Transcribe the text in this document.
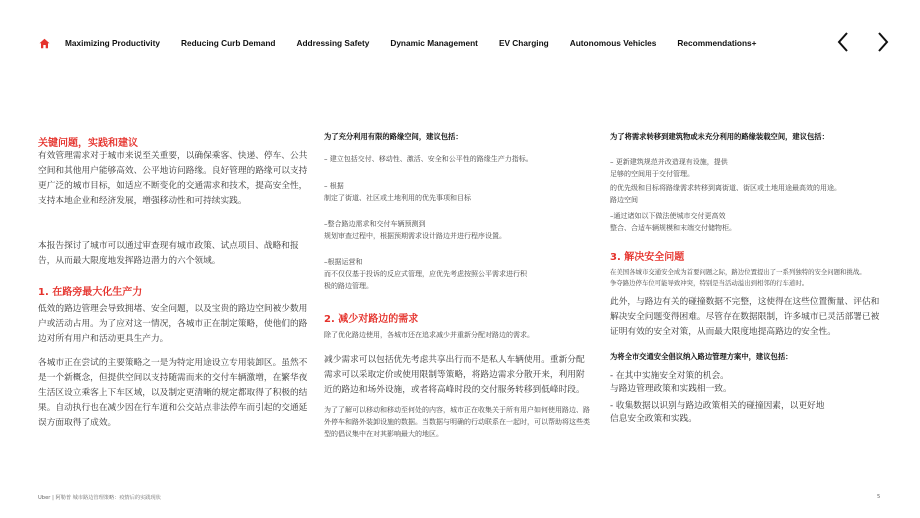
Maximizing Productivity	Reducing Curb Demand	Addressing Safety	Dynamic Management	EV Charging	Autonomous Vehicles	Recommendations+
关键问题，实践和建议

有效管理需求对于城市来说至关重要，以确保乘客、快递、停车、公共空间和其他用户能够高效、公平地访问路缘。良好管理的路缘可以支持更广泛的城市目标，如适应不断变化的交通需求和技术，提高安全性，支持本地企业和经济发展，增强移动性和可持续实践。

本报告探讨了城市可以通过审查现有城市政策、试点项目、战略和报告，从而最大限度地发挥路边潜力的六个领域。

1. 在路旁最大化生产力

低效的路边管理会导致拥堵、安全问题，以及宝贵的路边空间被少数用户或活动占用。为了应对这一情况，各城市正在制定策略，使他们的路边对所有用户和活动更具生产力。

各城市正在尝试的主要策略之一是为特定用途设立专用装卸区。虽然不是一个新概念，但提供空间以支持随需而来的交付车辆激增，在繁华夜生活区设立乘客上下车区域，以及制定更清晰的规定都取得了积极的结果。自动执行也在减少因在行车道和公交站点非法停车而引起的交通延误方面取得了成效。

为了充分利用有限的路缘空间，建议包括：

– 建立包括交付、移动性、激活、安全和公平性的路缘生产力指标。

– 根据
制定了街道、社区或土地利用的优先事项和目标

–整合路边需求和交付车辆预测到
规划审查过程中，根据预期需求设计路边并进行程序设置。

–根据运营和
而不仅仅基于投诉的反应式管理，应优先考虑按照公平需求进行积
极的路边管理。

2. 减少对路边的需求

除了优化路边使用，各城市还在追求减少并重新分配对路边的需求。

减少需求可以包括优先考虑共享出行而不是私人车辆使用。重新分配需求可以采取定价或使用限制等策略，将路边需求分散开来，利用附近的路边和场外设施，或者将高峰时段的交付服务转移到低峰时段。

为了了解可以移动和移动至何处的内容，城市正在收集关于所有用户如何使用路边、路外停车和路外装卸设施的数据。当数据与明确的行动联系在一起时，可以帮助将这些类型的倡议集中在对其影响最大的地区。

为了将需求转移到建筑物或未充分利用的路缘装载空间，建议包括：

– 更新建筑规范并改造现有设施，提供
足够的空间用于交付管理。

的优先级和目标将路缘需求转移到离街道、街区或土地用途最高效的用途。
路边空间

–通过诸如以下做法使城市交付更高效
整合、合适车辆规模和末端交付储物柜。

3. 解决安全问题

在美国各城市交通安全成为首要问题之际，路边位置提出了一系列独特的安全问题和挑战。
争夺路边停车位可能导致冲突，特别是当活动溢出到相邻的行车道时。

此外，与路边有关的碰撞数据不完整，这使得在这些位置衡量、评估和解决安全问题变得困难。尽管存在数据限制，许多城市已灵活部署已被证明有效的安全对策，从而最大限度地提高路边的安全性。

为将全市交通安全倡议纳入路边管理方案中，建议包括：

- 在其中实施安全对策的机会。
与路边管理政策和实践相一致。

- 收集数据以识别与路边政策相关的碰撞因素，以更好地
信息安全政策和实践。

Uber | 阿勒普 城市路边管理策略：疫情后的实践现状	5
